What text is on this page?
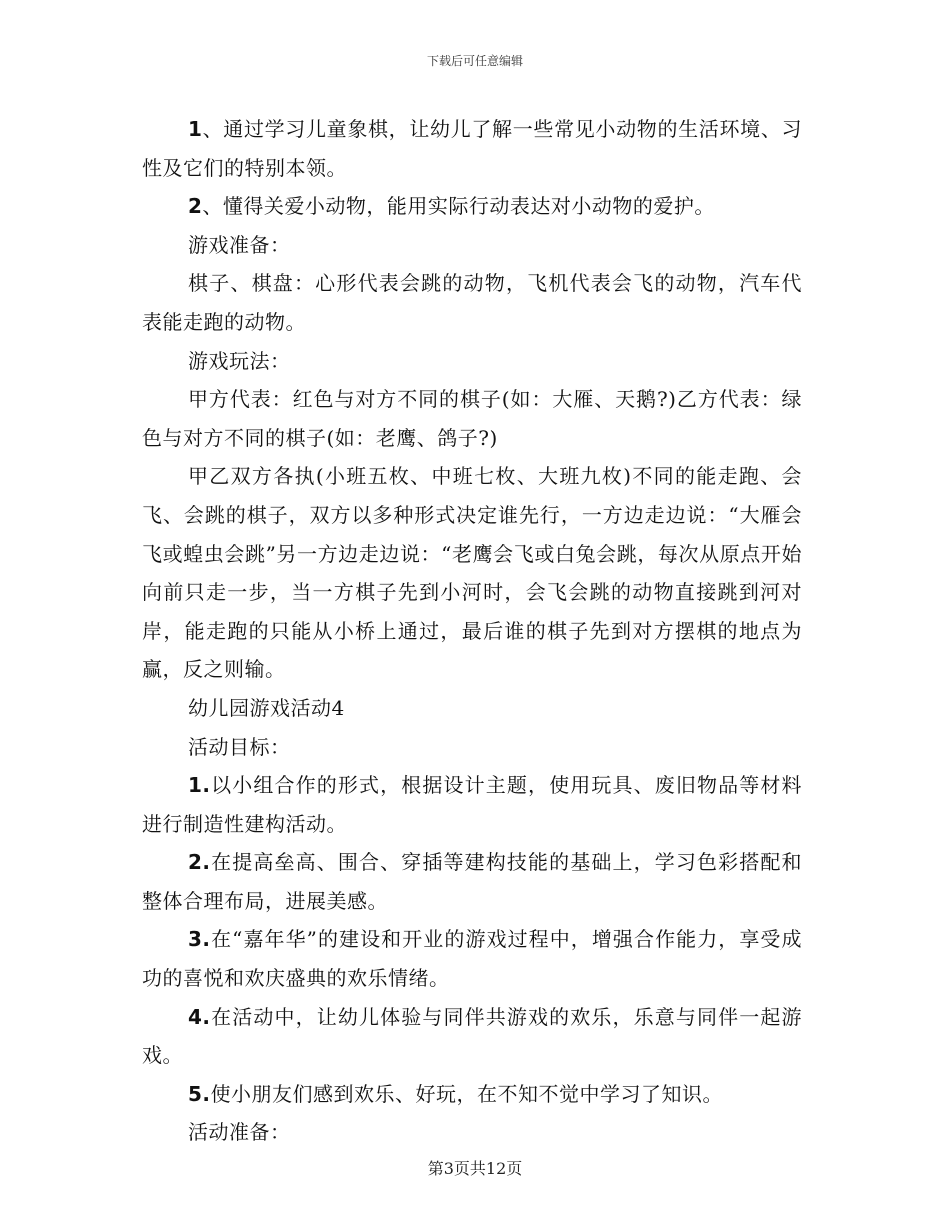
下载后可任意编辑

1、通过学习儿童象棋，让幼儿了解一些常见小动物的生活环境、习性及它们的特别本领。

2、懂得关爱小动物，能用实际行动表达对小动物的爱护。

游戏准备：

棋子、棋盘：心形代表会跳的动物，飞机代表会飞的动物，汽车代表能走跑的动物。

游戏玩法：

甲方代表：红色与对方不同的棋子(如：大雁、天鹅?)乙方代表：绿色与对方不同的棋子(如：老鹰、鸽子?)

甲乙双方各执(小班五枚、中班七枚、大班九枚)不同的能走跑、会飞、会跳的棋子，双方以多种形式决定谁先行，一方边走边说：“大雁会飞或蝗虫会跳”另一方边走边说：“老鹰会飞或白兔会跳，每次从原点开始向前只走一步，当一方棋子先到小河时，会飞会跳的动物直接跳到河对岸，能走跑的只能从小桥上通过，最后谁的棋子先到对方摆棋的地点为赢，反之则输。

幼儿园游戏活动4

活动目标：

1.以小组合作的形式，根据设计主题，使用玩具、废旧物品等材料进行制造性建构活动。

2.在提高垒高、围合、穿插等建构技能的基础上，学习色彩搭配和整体合理布局，进展美感。

3.在“嘉年华”的建设和开业的游戏过程中，增强合作能力，享受成功的喜悦和欢庆盛典的欢乐情绪。

4.在活动中，让幼儿体验与同伴共游戏的欢乐，乐意与同伴一起游戏。

5.使小朋友们感到欢乐、好玩，在不知不觉中学习了知识。

活动准备：

第3页共12页
